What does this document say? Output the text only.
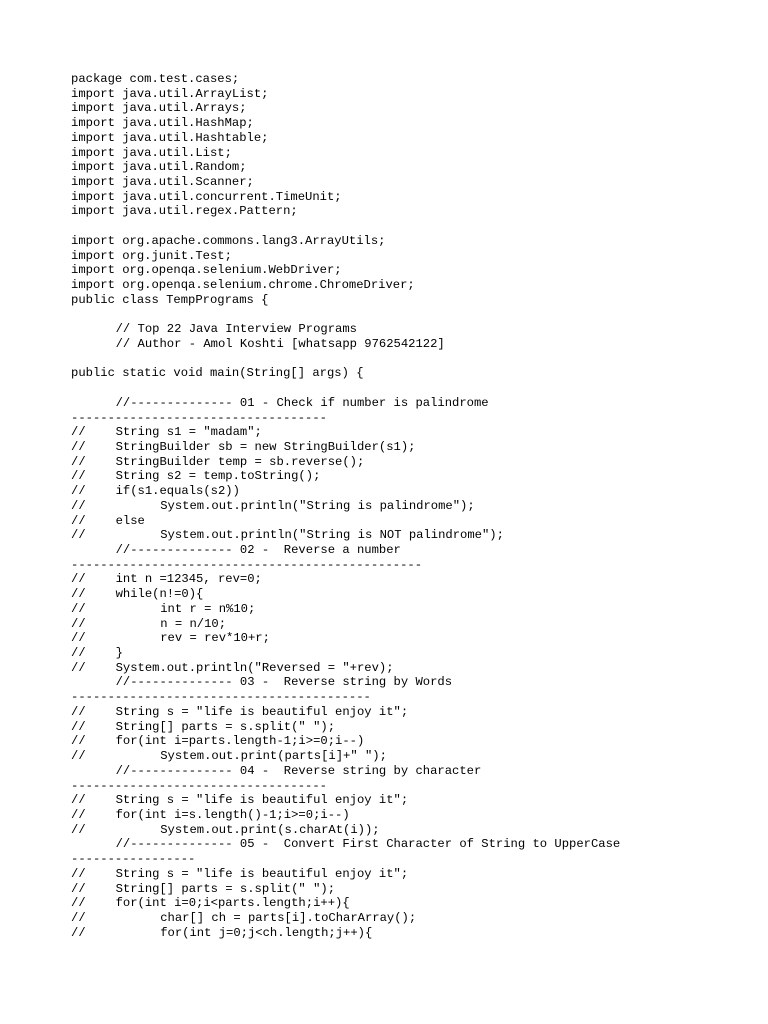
package com.test.cases;
import java.util.ArrayList;
import java.util.Arrays;
import java.util.HashMap;
import java.util.Hashtable;
import java.util.List;
import java.util.Random;
import java.util.Scanner;
import java.util.concurrent.TimeUnit;
import java.util.regex.Pattern;
import org.apache.commons.lang3.ArrayUtils;
import org.junit.Test;
import org.openqa.selenium.WebDriver;
import org.openqa.selenium.chrome.ChromeDriver;
public class TempPrograms {
// Top 22 Java Interview Programs
// Author - Amol Koshti [whatsapp 9762542122]
public static void main(String[] args) {
//-------------- 01 - Check if number is palindrome
-----------------------------------
// String s1 = "madam";
// StringBuilder sb = new StringBuilder(s1);
// StringBuilder temp = sb.reverse();
// String s2 = temp.toString();
// if(s1.equals(s2))
//	System.out.println("String is palindrome");
// else
//	System.out.println("String is NOT palindrome");
//-------------- 02 -  Reverse a number
------------------------------------------------
// int n =12345, rev=0;
// while(n!=0){
//	int r = n%10;
//	n = n/10;
//	rev = rev*10+r;
// }
// System.out.println("Reversed = "+rev);
//-------------- 03 -  Reverse string by Words
-----------------------------------------
// String s = "life is beautiful enjoy it";
// String[] parts = s.split(" ");
// for(int i=parts.length-1;i>=0;i--)
//	System.out.print(parts[i]+" ");
//-------------- 04 -  Reverse string by character
-----------------------------------
// String s = "life is beautiful enjoy it";
// for(int i=s.length()-1;i>=0;i--)
//	System.out.print(s.charAt(i));
//-------------- 05 -  Convert First Character of String to UpperCase
-----------------
// String s = "life is beautiful enjoy it";
// String[] parts = s.split(" ");
// for(int i=0;i<parts.length;i++){
//	char[] ch = parts[i].toCharArray();
//	for(int j=0;j<ch.length;j++){
